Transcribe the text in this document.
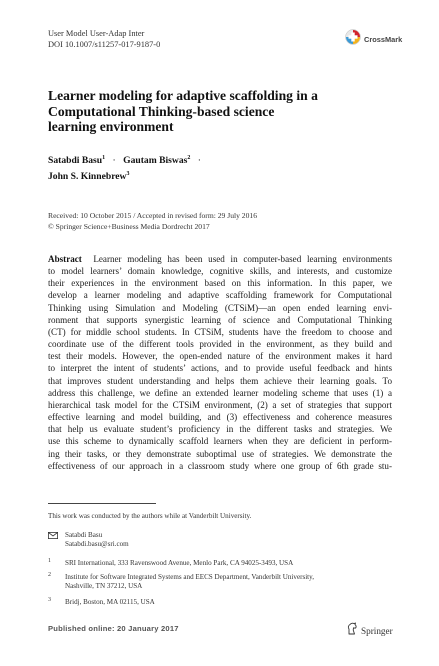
User Model User-Adap Inter
DOI 10.1007/s11257-017-9187-0
CrossMark
Learner modeling for adaptive scaffolding in a
Computational Thinking-based science
learning environment
Satabdi Basu$^1$ · Gautam Biswas$^2$ ·
John S. Kinnebrew$^3$
Received: 10 October 2015 / Accepted in revised form: 29 July 2016
© Springer Science+Business Media Dordrecht 2017
Abstract Learner modeling has been used in computer-based learning environments
to model learners’ domain knowledge, cognitive skills, and interests, and customize
their experiences in the environment based on this information. In this paper, we
develop a learner modeling and adaptive scaffolding framework for Computational
Thinking using Simulation and Modeling (CTSiM)—an open ended learning envi-
ronment that supports synergistic learning of science and Computational Thinking
(CT) for middle school students. In CTSiM, students have the freedom to choose and
coordinate use of the different tools provided in the environment, as they build and
test their models. However, the open-ended nature of the environment makes it hard
to interpret the intent of students’ actions, and to provide useful feedback and hints
that improves student understanding and helps them achieve their learning goals. To
address this challenge, we define an extended learner modeling scheme that uses (1) a
hierarchical task model for the CTSiM environment, (2) a set of strategies that support
effective learning and model building, and (3) effectiveness and coherence measures
that help us evaluate student’s proficiency in the different tasks and strategies. We
use this scheme to dynamically scaffold learners when they are deficient in perform-
ing their tasks, or they demonstrate suboptimal use of strategies. We demonstrate the
effectiveness of our approach in a classroom study where one group of 6th grade stu-
This work was conducted by the authors while at Vanderbilt University.
Satabdi Basu
Satabdi.basu@sri.com
1 SRI International, 333 Ravenswood Avenue, Menlo Park, CA 94025-3493, USA
2 Institute for Software Integrated Systems and EECS Department, Vanderbilt University,
Nashville, TN 37212, USA
3 Bridj, Boston, MA 02115, USA
Published online: 20 January 2017	Springer
